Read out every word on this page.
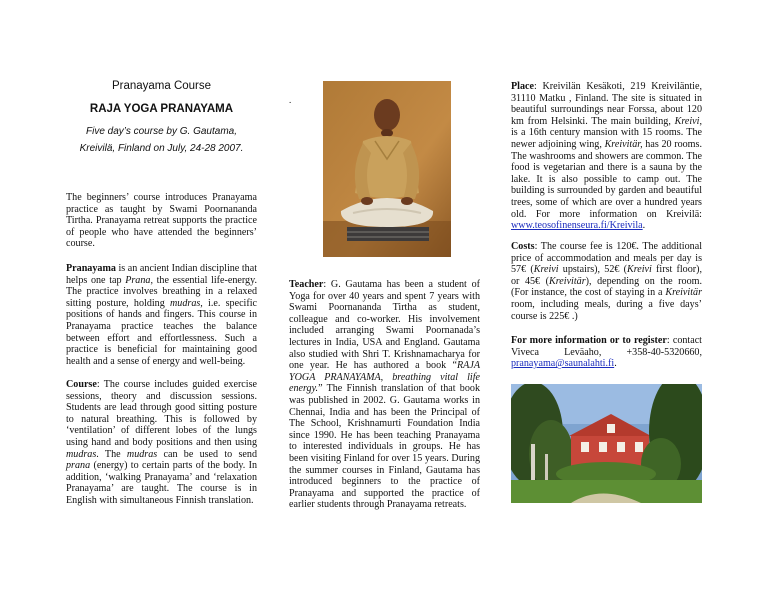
Pranayama Course
RAJA YOGA PRANAYAMA
Five day’s course by G. Gautama,
Kreivilä, Finland on July, 24-28 2007.

The beginners’ course introduces Pranayama practice as taught by Swami Poornananda Tirtha. Pranayama retreat supports the practice of people who have attended the beginners’ course.

Pranayama is an ancient Indian discipline that helps one tap Prana, the essential life-energy. The practice involves breathing in a relaxed sitting posture, holding mudras, i.e. specific positions of hands and fingers. This course in Pranayama practice teaches the balance between effort and effortlessness. Such a practice is beneficial for maintaining good health and a sense of energy and well-being.

Course: The course includes guided exercise sessions, theory and discussion sessions. Students are lead through good sitting posture to natural breathing. This is followed by ‘ventilation’ of different lobes of the lungs using hand and body positions and then using mudras. The mudras can be used to send prana (energy) to certain parts of the body. In addition, ‘walking Pranayama’ and ‘relaxation Pranayama’ are taught. The course is in English with simultaneous Finnish translation.

.

Teacher: G. Gautama has been a student of Yoga for over 40 years and spent 7 years with Swami Poornananda Tirtha as student, colleague and co-worker. His involvement included arranging Swami Poornanada’s lectures in India, USA and England. Gautama also studied with Shri T. Krishnamacharya for one year. He has authored a book “RAJA YOGA PRANAYAMA, breathing vital life energy.” The Finnish translation of that book was published in 2002. G. Gautama works in Chennai, India and has been the Principal of The School, Krishnamurti Foundation India since 1990. He has been teaching Pranayama to interested individuals in groups. He has been visiting Finland for over 15 years. During the summer courses in Finland, Gautama has introduced beginners to the practice of Pranayama and supported the practice of earlier students through Pranayama retreats.

Place: Kreivilän Kesäkoti, 219 Kreiviläntie, 31110 Matku , Finland. The site is situated in beautiful surroundings near Forssa, about 120 km from Helsinki. The main building, Kreivi, is a 16th century mansion with 15 rooms. The newer adjoining wing, Kreivitär, has 20 rooms. The washrooms and showers are common. The food is vegetarian and there is a sauna by the lake. It is also possible to camp out. The building is surrounded by garden and beautiful trees, some of which are over a hundred years old. For more information on Kreivilä: www.teosofinenseura.fi/Kreivila.

Costs: The course fee is 120€. The additional price of accommodation and meals per day is 57€ (Kreivi upstairs), 52€ (Kreivi first floor), or 45€ (Kreivitär), depending on the room. (For instance, the cost of staying in a Kreivitär room, including meals, during a five days’ course is 225€ .)

For more information or to register: contact Viveca Leväaho, +358-40-5320660, pranayama@saunalahti.fi.
